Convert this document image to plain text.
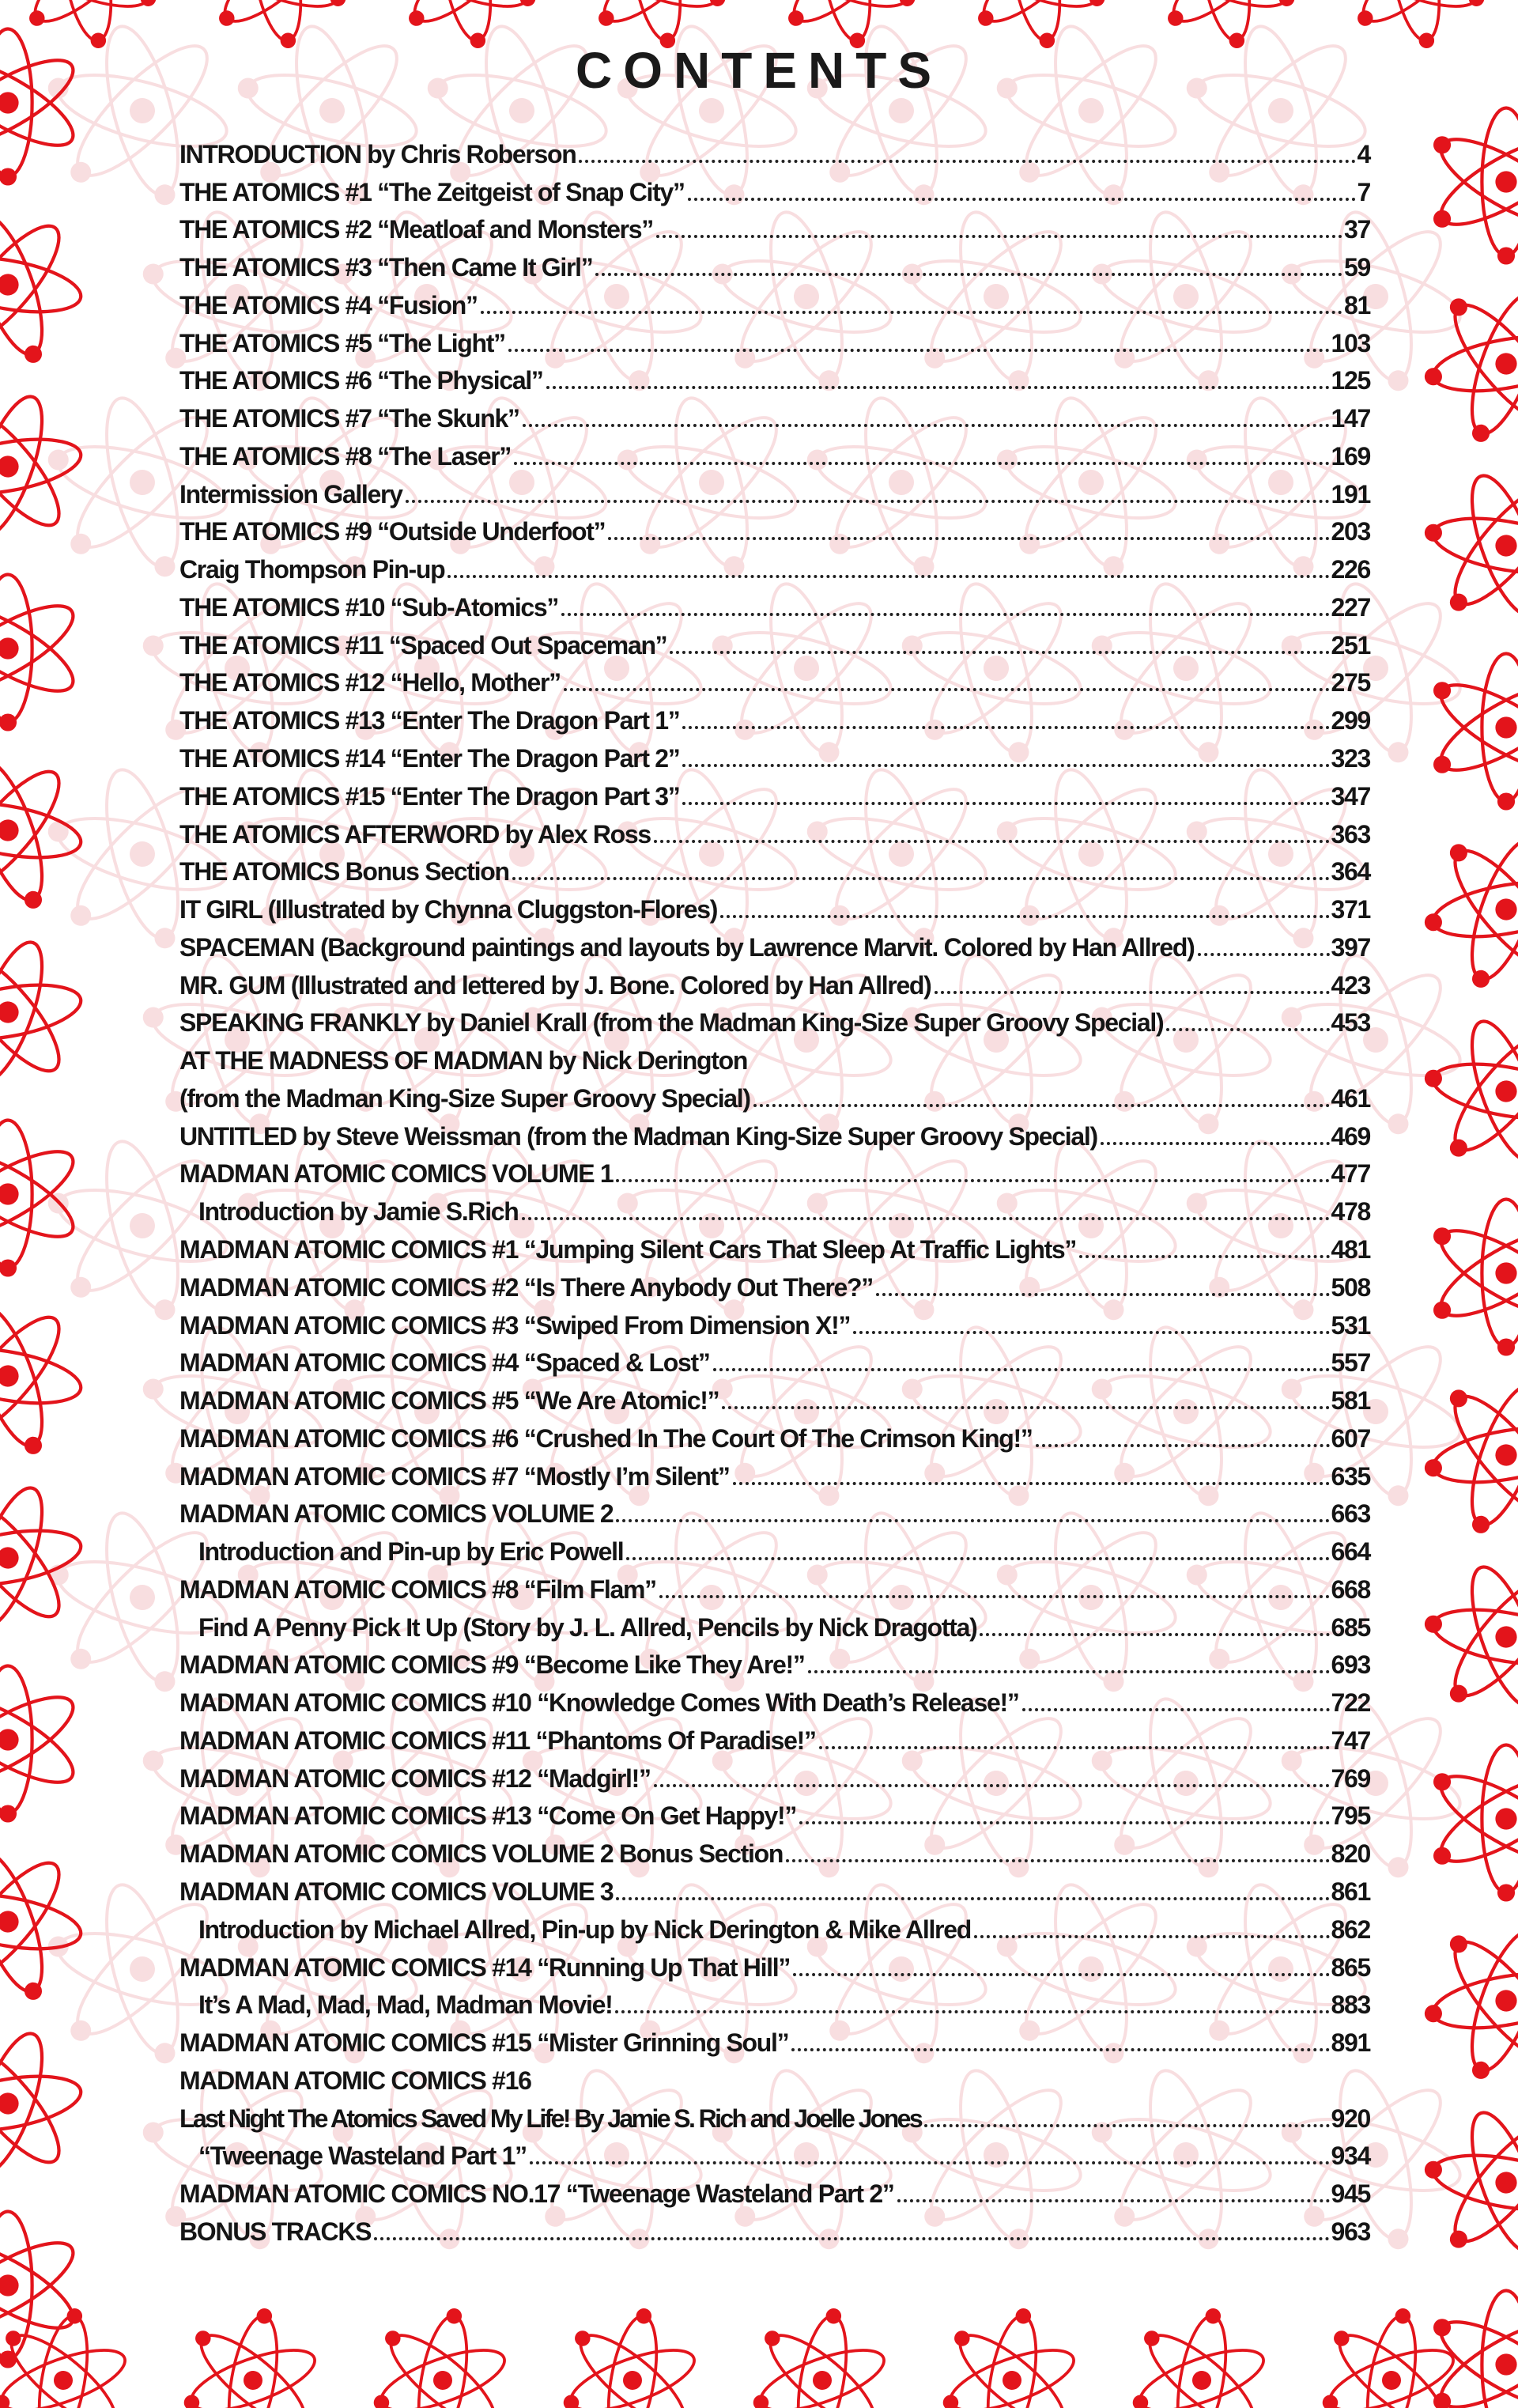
CONTENTS
INTRODUCTION by Chris Roberson	4
THE ATOMICS #1 “The Zeitgeist of Snap City”	7
THE ATOMICS #2 “Meatloaf and Monsters”	37
THE ATOMICS #3 “Then Came It Girl”	59
THE ATOMICS #4 “Fusion”	81
THE ATOMICS #5 “The Light”	103
THE ATOMICS #6 “The Physical”	125
THE ATOMICS #7 “The Skunk”	147
THE ATOMICS #8 “The Laser”	169
Intermission Gallery	191
THE ATOMICS #9 “Outside Underfoot”	203
Craig Thompson Pin-up	226
THE ATOMICS #10 “Sub-Atomics”	227
THE ATOMICS #11 “Spaced Out Spaceman”	251
THE ATOMICS #12 “Hello, Mother”	275
THE ATOMICS #13 “Enter The Dragon Part 1”	299
THE ATOMICS #14 “Enter The Dragon Part 2”	323
THE ATOMICS #15 “Enter The Dragon Part 3”	347
THE ATOMICS AFTERWORD by Alex Ross	363
THE ATOMICS Bonus Section	364
IT GIRL (Illustrated by Chynna Cluggston-Flores)	371
SPACEMAN (Background paintings and layouts by Lawrence Marvit. Colored by Han Allred)	397
MR. GUM (Illustrated and lettered by J. Bone. Colored by Han Allred)	423
SPEAKING FRANKLY by Daniel Krall (from the Madman King-Size Super Groovy Special)	453
AT THE MADNESS OF MADMAN by Nick Derington
(from the Madman King-Size Super Groovy Special)	461
UNTITLED by Steve Weissman (from the Madman King-Size Super Groovy Special)	469
MADMAN ATOMIC COMICS VOLUME 1	477
Introduction by Jamie S.Rich	478
MADMAN ATOMIC COMICS #1 “Jumping Silent Cars That Sleep At Traffic Lights”	481
MADMAN ATOMIC COMICS #2 “Is There Anybody Out There?”	508
MADMAN ATOMIC COMICS #3 “Swiped From Dimension X!”	531
MADMAN ATOMIC COMICS #4 “Spaced & Lost”	557
MADMAN ATOMIC COMICS #5 “We Are Atomic!”	581
MADMAN ATOMIC COMICS #6 “Crushed In The Court Of The Crimson King!”	607
MADMAN ATOMIC COMICS #7 “Mostly I’m Silent”	635
MADMAN ATOMIC COMICS VOLUME 2	663
Introduction and Pin-up by Eric Powell	664
MADMAN ATOMIC COMICS #8 “Film Flam”	668
Find A Penny Pick It Up (Story by J. L. Allred, Pencils by Nick Dragotta)	685
MADMAN ATOMIC COMICS #9 “Become Like They Are!”	693
MADMAN ATOMIC COMICS #10 “Knowledge Comes With Death’s Release!”	722
MADMAN ATOMIC COMICS #11 “Phantoms Of Paradise!”	747
MADMAN ATOMIC COMICS #12 “Madgirl!”	769
MADMAN ATOMIC COMICS #13 “Come On Get Happy!”	795
MADMAN ATOMIC COMICS VOLUME 2 Bonus Section	820
MADMAN ATOMIC COMICS VOLUME 3	861
Introduction by Michael Allred, Pin-up by Nick Derington & Mike Allred	862
MADMAN ATOMIC COMICS #14 “Running Up That Hill”	865
It’s A Mad, Mad, Mad, Madman Movie!	883
MADMAN ATOMIC COMICS #15 “Mister Grinning Soul”	891
MADMAN ATOMIC COMICS #16
Last Night The Atomics Saved My Life! By Jamie S. Rich and Joelle Jones	920
“Tweenage Wasteland Part 1”	934
MADMAN ATOMIC COMICS NO.17 “Tweenage Wasteland Part 2”	945
BONUS TRACKS	963
